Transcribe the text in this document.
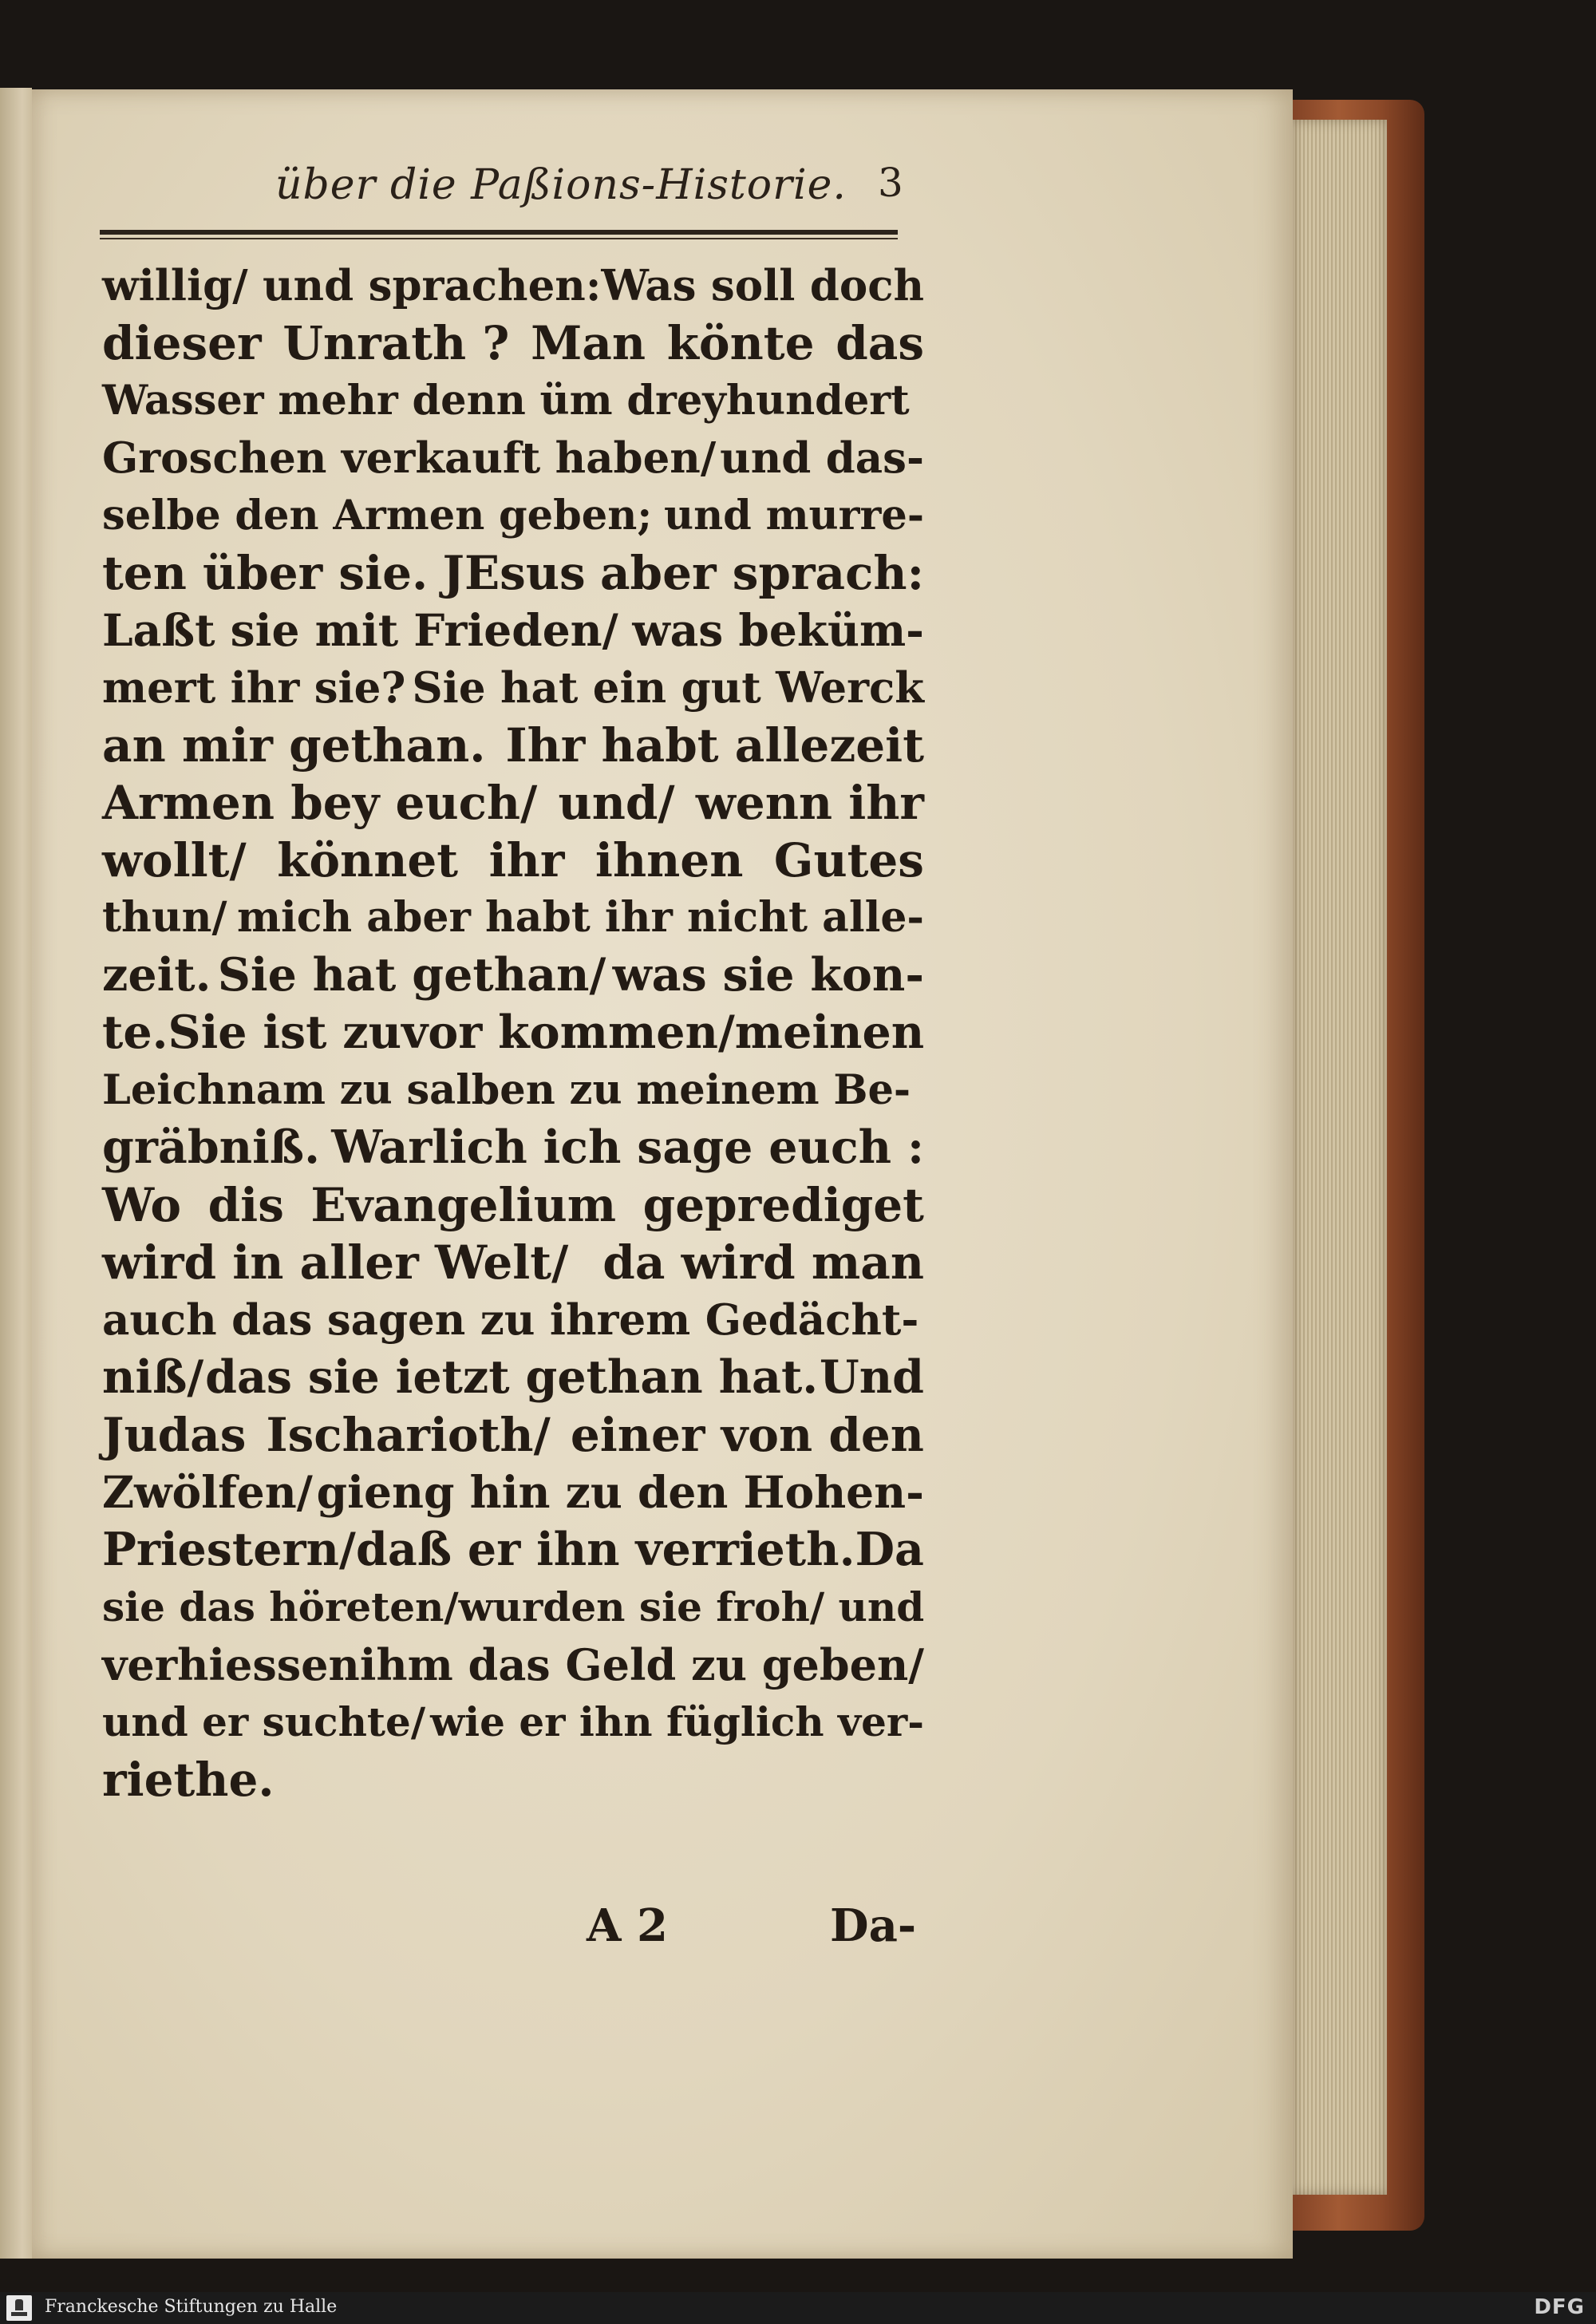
über die Paßions-Historie. 3
willig/ und sprachen: Was soll doch
dieser Unrath ? Man könte das
Wasser mehr denn üm dreyhundert
Groschen verkauft haben/ und das-
selbe den Armen geben; und murre-
ten über sie. JEsus aber sprach:
Laßt sie mit Frieden/ was beküm-
mert ihr sie? Sie hat ein gut Werck
an mir gethan. Ihr habt allezeit
Armen bey euch/ und/ wenn ihr
wollt/ könnet ihr ihnen Gutes
thun/ mich aber habt ihr nicht alle-
zeit. Sie hat gethan/ was sie kon-
te. Sie ist zuvor kommen/ meinen
Leichnam zu salben zu meinem Be-
gräbniß. Warlich ich sage euch :
Wo dis Evangelium geprediget
wird in aller Welt/ da wird man
auch das sagen zu ihrem Gedächt-
niß/ das sie ietzt gethan hat. Und
Judas Ischarioth/ einer von den
Zwölfen/ gieng hin zu den Hohen-
Priestern/ daß er ihn verrieth. Da
sie das höreten/ wurden sie froh/ und
verhiessen ihm das Geld zu geben/
und er suchte/ wie er ihn füglich ver-
riethe.
A 2	Da-
Franckesche Stiftungen zu Halle	DFG
